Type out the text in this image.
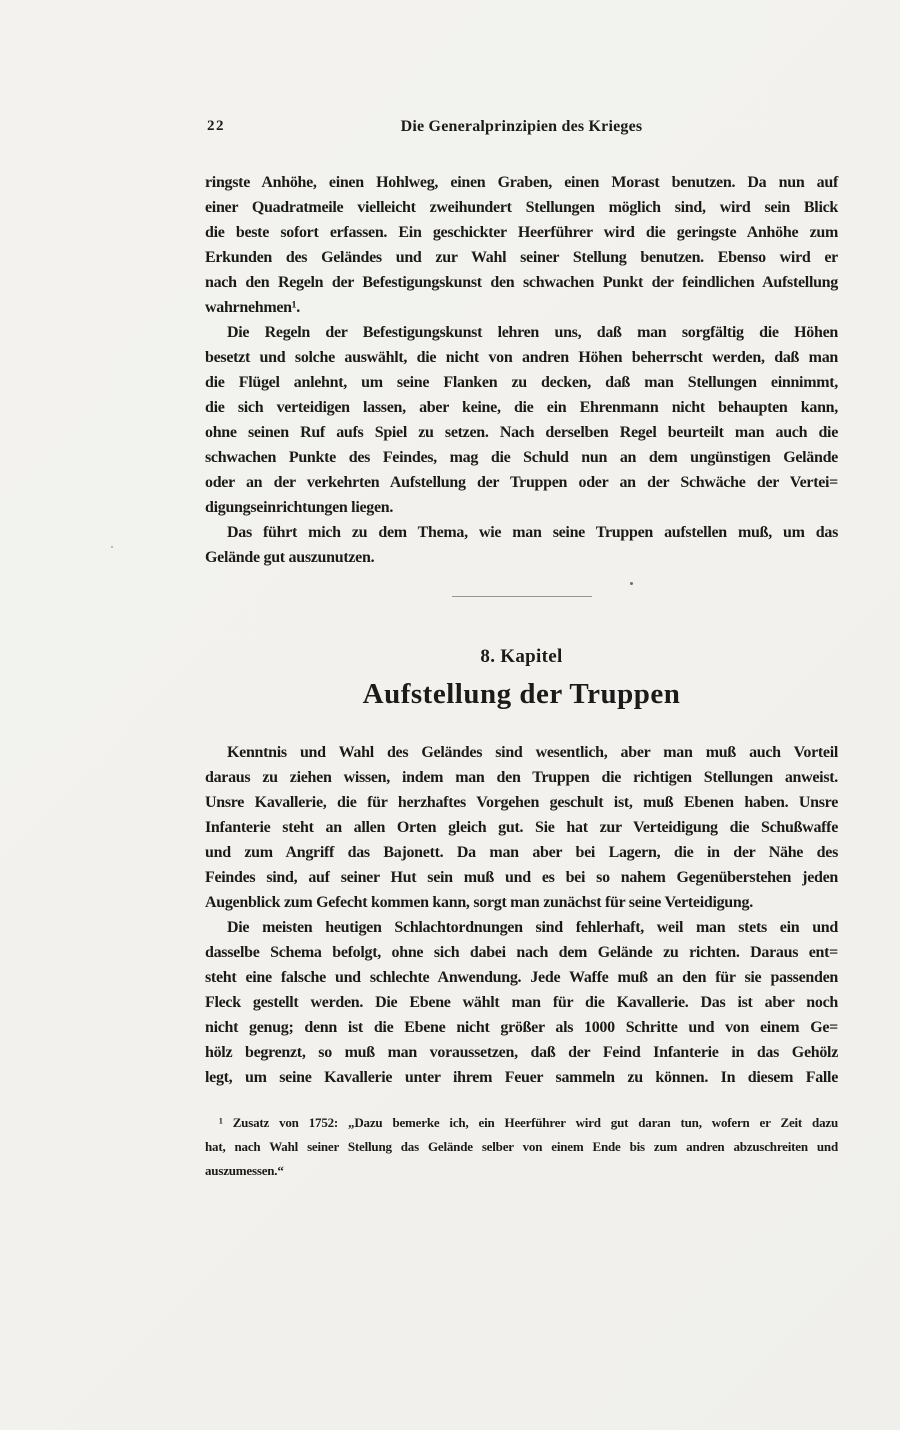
22	Die Generalprinzipien des Krieges
ringste Anhöhe, einen Hohlweg, einen Graben, einen Morast benutzen. Da nun auf
einer Quadratmeile vielleicht zweihundert Stellungen möglich sind, wird sein Blick
die beste sofort erfassen. Ein geschickter Heerführer wird die geringste Anhöhe zum
Erkunden des Geländes und zur Wahl seiner Stellung benutzen. Ebenso wird er
nach den Regeln der Befestigungskunst den schwachen Punkt der feindlichen Aufstellung
wahrnehmen¹.
Die Regeln der Befestigungskunst lehren uns, daß man sorgfältig die Höhen
besetzt und solche auswählt, die nicht von andren Höhen beherrscht werden, daß man
die Flügel anlehnt, um seine Flanken zu decken, daß man Stellungen einnimmt,
die sich verteidigen lassen, aber keine, die ein Ehrenmann nicht behaupten kann,
ohne seinen Ruf aufs Spiel zu setzen. Nach derselben Regel beurteilt man auch die
schwachen Punkte des Feindes, mag die Schuld nun an dem ungünstigen Gelände
oder an der verkehrten Aufstellung der Truppen oder an der Schwäche der Vertei=
digungseinrichtungen liegen.
Das führt mich zu dem Thema, wie man seine Truppen aufstellen muß, um das
Gelände gut auszunutzen.
8. Kapitel
Aufstellung der Truppen
Kenntnis und Wahl des Geländes sind wesentlich, aber man muß auch Vorteil
daraus zu ziehen wissen, indem man den Truppen die richtigen Stellungen anweist.
Unsre Kavallerie, die für herzhaftes Vorgehen geschult ist, muß Ebenen haben. Unsre
Infanterie steht an allen Orten gleich gut. Sie hat zur Verteidigung die Schußwaffe
und zum Angriff das Bajonett. Da man aber bei Lagern, die in der Nähe des
Feindes sind, auf seiner Hut sein muß und es bei so nahem Gegenüberstehen jeden
Augenblick zum Gefecht kommen kann, sorgt man zunächst für seine Verteidigung.
Die meisten heutigen Schlachtordnungen sind fehlerhaft, weil man stets ein und
dasselbe Schema befolgt, ohne sich dabei nach dem Gelände zu richten. Daraus ent=
steht eine falsche und schlechte Anwendung. Jede Waffe muß an den für sie passenden
Fleck gestellt werden. Die Ebene wählt man für die Kavallerie. Das ist aber noch
nicht genug; denn ist die Ebene nicht größer als 1000 Schritte und von einem Ge=
hölz begrenzt, so muß man voraussetzen, daß der Feind Infanterie in das Gehölz
legt, um seine Kavallerie unter ihrem Feuer sammeln zu können. In diesem Falle
¹ Zusatz von 1752: „Dazu bemerke ich, ein Heerführer wird gut daran tun, wofern er Zeit dazu
hat, nach Wahl seiner Stellung das Gelände selber von einem Ende bis zum andren abzuschreiten und
auszumessen.“
